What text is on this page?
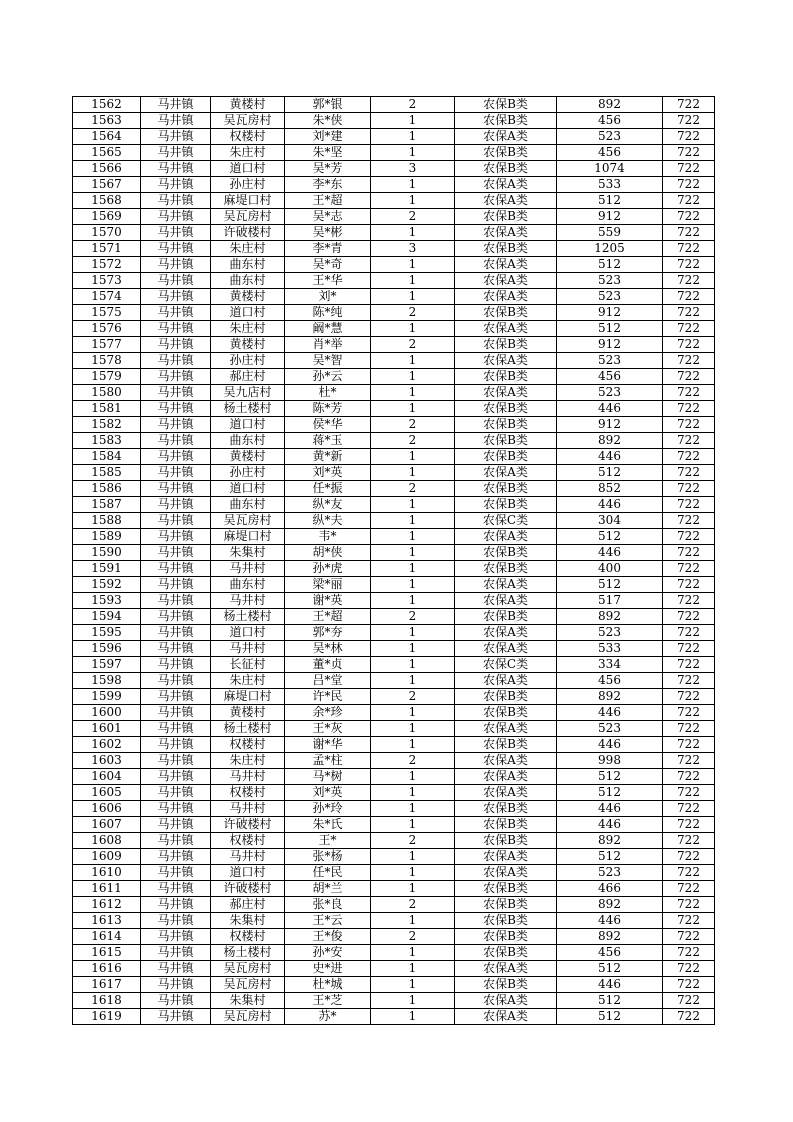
1562	马井镇	黄楼村	郭*银	2	农保B类	892	722
1563	马井镇	吴瓦房村	朱*侠	1	农保B类	456	722
1564	马井镇	权楼村	刘*建	1	农保A类	523	722
1565	马井镇	朱庄村	朱*坚	1	农保B类	456	722
1566	马井镇	道口村	吴*芳	3	农保B类	1074	722
1567	马井镇	孙庄村	李*东	1	农保A类	533	722
1568	马井镇	麻堤口村	王*超	1	农保A类	512	722
1569	马井镇	吴瓦房村	吴*志	2	农保B类	912	722
1570	马井镇	许破楼村	吴*彬	1	农保A类	559	722
1571	马井镇	朱庄村	李*青	3	农保B类	1205	722
1572	马井镇	曲东村	吴*奇	1	农保A类	512	722
1573	马井镇	曲东村	王*华	1	农保A类	523	722
1574	马井镇	黄楼村	刘*	1	农保A类	523	722
1575	马井镇	道口村	陈*纯	2	农保B类	912	722
1576	马井镇	朱庄村	阚*慧	1	农保A类	512	722
1577	马井镇	黄楼村	肖*举	2	农保B类	912	722
1578	马井镇	孙庄村	吴*智	1	农保A类	523	722
1579	马井镇	郝庄村	孙*云	1	农保B类	456	722
1580	马井镇	吴九店村	杜*	1	农保A类	523	722
1581	马井镇	杨土楼村	陈*芳	1	农保B类	446	722
1582	马井镇	道口村	侯*华	2	农保B类	912	722
1583	马井镇	曲东村	蒋*玉	2	农保B类	892	722
1584	马井镇	黄楼村	黄*新	1	农保B类	446	722
1585	马井镇	孙庄村	刘*英	1	农保A类	512	722
1586	马井镇	道口村	任*振	2	农保B类	852	722
1587	马井镇	曲东村	纵*友	1	农保B类	446	722
1588	马井镇	吴瓦房村	纵*夫	1	农保C类	304	722
1589	马井镇	麻堤口村	韦*	1	农保A类	512	722
1590	马井镇	朱集村	胡*侠	1	农保B类	446	722
1591	马井镇	马井村	孙*虎	1	农保B类	400	722
1592	马井镇	曲东村	梁*丽	1	农保A类	512	722
1593	马井镇	马井村	谢*英	1	农保A类	517	722
1594	马井镇	杨土楼村	王*超	2	农保B类	892	722
1595	马井镇	道口村	郭*夯	1	农保A类	523	722
1596	马井镇	马井村	吴*林	1	农保A类	533	722
1597	马井镇	长征村	董*贞	1	农保C类	334	722
1598	马井镇	朱庄村	吕*堂	1	农保A类	456	722
1599	马井镇	麻堤口村	许*民	2	农保B类	892	722
1600	马井镇	黄楼村	余*珍	1	农保B类	446	722
1601	马井镇	杨土楼村	王*灰	1	农保A类	523	722
1602	马井镇	权楼村	谢*华	1	农保B类	446	722
1603	马井镇	朱庄村	孟*柱	2	农保A类	998	722
1604	马井镇	马井村	马*树	1	农保A类	512	722
1605	马井镇	权楼村	刘*英	1	农保A类	512	722
1606	马井镇	马井村	孙*玲	1	农保B类	446	722
1607	马井镇	许破楼村	朱*氏	1	农保B类	446	722
1608	马井镇	权楼村	王*	2	农保B类	892	722
1609	马井镇	马井村	张*杨	1	农保A类	512	722
1610	马井镇	道口村	任*民	1	农保A类	523	722
1611	马井镇	许破楼村	胡*兰	1	农保B类	466	722
1612	马井镇	郝庄村	张*良	2	农保B类	892	722
1613	马井镇	朱集村	王*云	1	农保B类	446	722
1614	马井镇	权楼村	王*俊	2	农保B类	892	722
1615	马井镇	杨土楼村	孙*安	1	农保B类	456	722
1616	马井镇	吴瓦房村	史*进	1	农保A类	512	722
1617	马井镇	吴瓦房村	杜*城	1	农保B类	446	722
1618	马井镇	朱集村	王*芝	1	农保A类	512	722
1619	马井镇	吴瓦房村	苏*	1	农保A类	512	722
